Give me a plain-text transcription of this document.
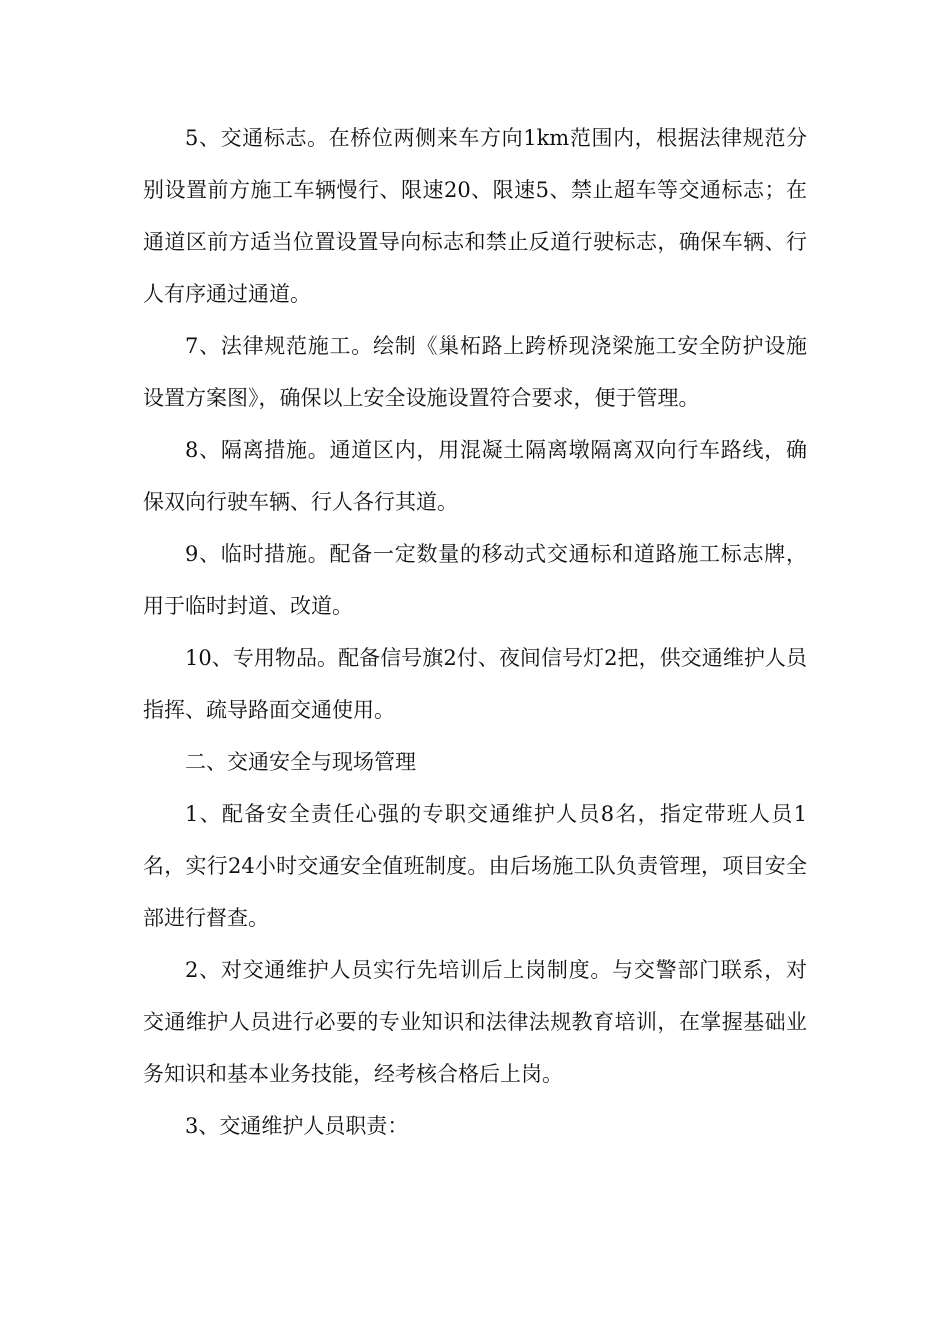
5、交通标志。在桥位两侧来车方向1km范围内，根据法律规范分别设置前方施工车辆慢行、限速20、限速5、禁止超车等交通标志；在通道区前方适当位置设置导向标志和禁止反道行驶标志，确保车辆、行人有序通过通道。

7、法律规范施工。绘制《巢柘路上跨桥现浇梁施工安全防护设施设置方案图》，确保以上安全设施设置符合要求，便于管理。

8、隔离措施。通道区内，用混凝土隔离墩隔离双向行车路线，确保双向行驶车辆、行人各行其道。

9、临时措施。配备一定数量的移动式交通标和道路施工标志牌，用于临时封道、改道。

10、专用物品。配备信号旗2付、夜间信号灯2把，供交通维护人员指挥、疏导路面交通使用。

二、交通安全与现场管理

1、配备安全责任心强的专职交通维护人员8名，指定带班人员1名，实行24小时交通安全值班制度。由后场施工队负责管理，项目安全部进行督查。

2、对交通维护人员实行先培训后上岗制度。与交警部门联系，对交通维护人员进行必要的专业知识和法律法规教育培训，在掌握基础业务知识和基本业务技能，经考核合格后上岗。

3、交通维护人员职责：
